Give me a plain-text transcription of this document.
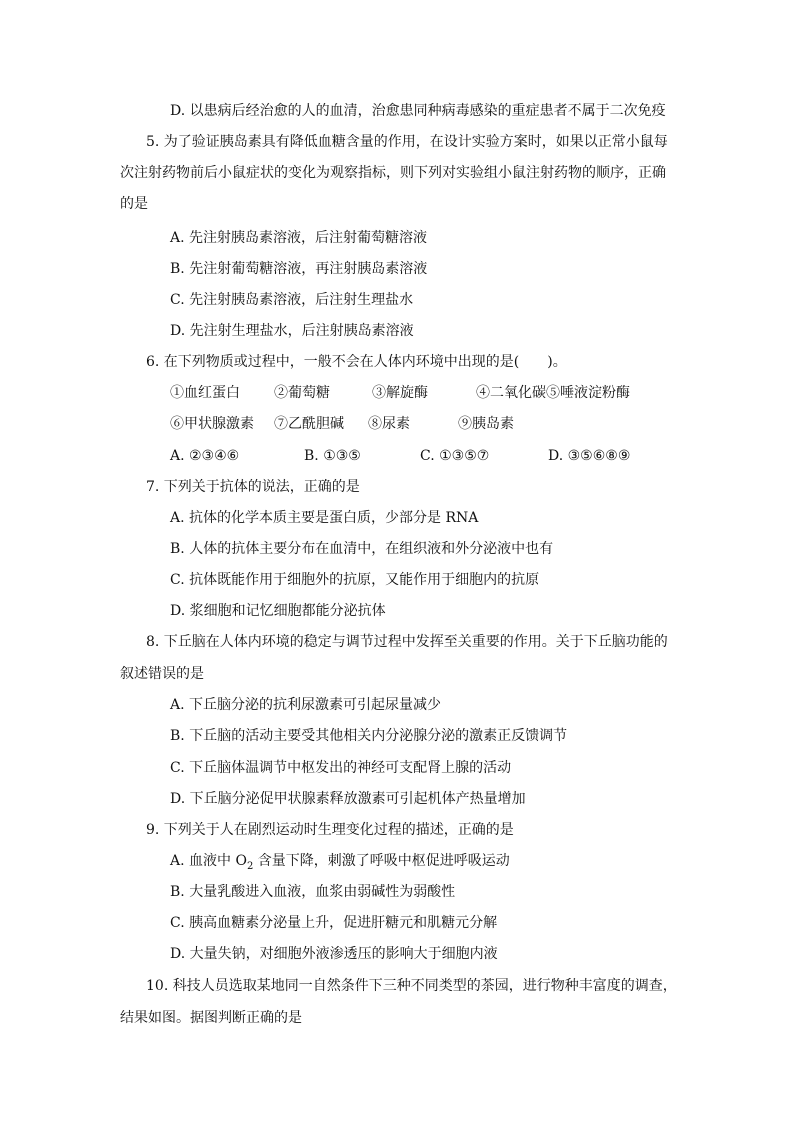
D. 以患病后经治愈的人的血清，治愈患同种病毒感染的重症患者不属于二次免疫
5. 为了验证胰岛素具有降低血糖含量的作用，在设计实验方案时，如果以正常小鼠每
次注射药物前后小鼠症状的变化为观察指标，则下列对实验组小鼠注射药物的顺序，正确
的是
A. 先注射胰岛素溶液，后注射葡萄糖溶液
B. 先注射葡萄糖溶液，再注射胰岛素溶液
C. 先注射胰岛素溶液，后注射生理盐水
D. 先注射生理盐水，后注射胰岛素溶液
6. 在下列物质或过程中，一般不会在人体内环境中出现的是(　　)。
①血红蛋白 ②葡萄糖	③解旋酶	④二氧化碳 ⑤唾液淀粉酶
⑥甲状腺激素 ⑦乙酰胆碱 ⑧尿素	⑨胰岛素
A. ②③④⑥	B. ①③⑤	C. ①③⑤⑦	D. ③⑤⑥⑧⑨
7. 下列关于抗体的说法，正确的是
A. 抗体的化学本质主要是蛋白质，少部分是 RNA
B. 人体的抗体主要分布在血清中，在组织液和外分泌液中也有
C. 抗体既能作用于细胞外的抗原，又能作用于细胞内的抗原
D. 浆细胞和记忆细胞都能分泌抗体
8. 下丘脑在人体内环境的稳定与调节过程中发挥至关重要的作用。关于下丘脑功能的
叙述错误的是
A. 下丘脑分泌的抗利尿激素可引起尿量减少
B. 下丘脑的活动主要受其他相关内分泌腺分泌的激素正反馈调节
C. 下丘脑体温调节中枢发出的神经可支配肾上腺的活动
D. 下丘脑分泌促甲状腺素释放激素可引起机体产热量增加
9. 下列关于人在剧烈运动时生理变化过程的描述，正确的是
A. 血液中 $O_2$ 含量下降，刺激了呼吸中枢促进呼吸运动
B. 大量乳酸进入血液，血浆由弱碱性为弱酸性
C. 胰高血糖素分泌量上升，促进肝糖元和肌糖元分解
D. 大量失钠，对细胞外液渗透压的影响大于细胞内液
10. 科技人员选取某地同一自然条件下三种不同类型的茶园，进行物种丰富度的调查，
结果如图。据图判断正确的是
